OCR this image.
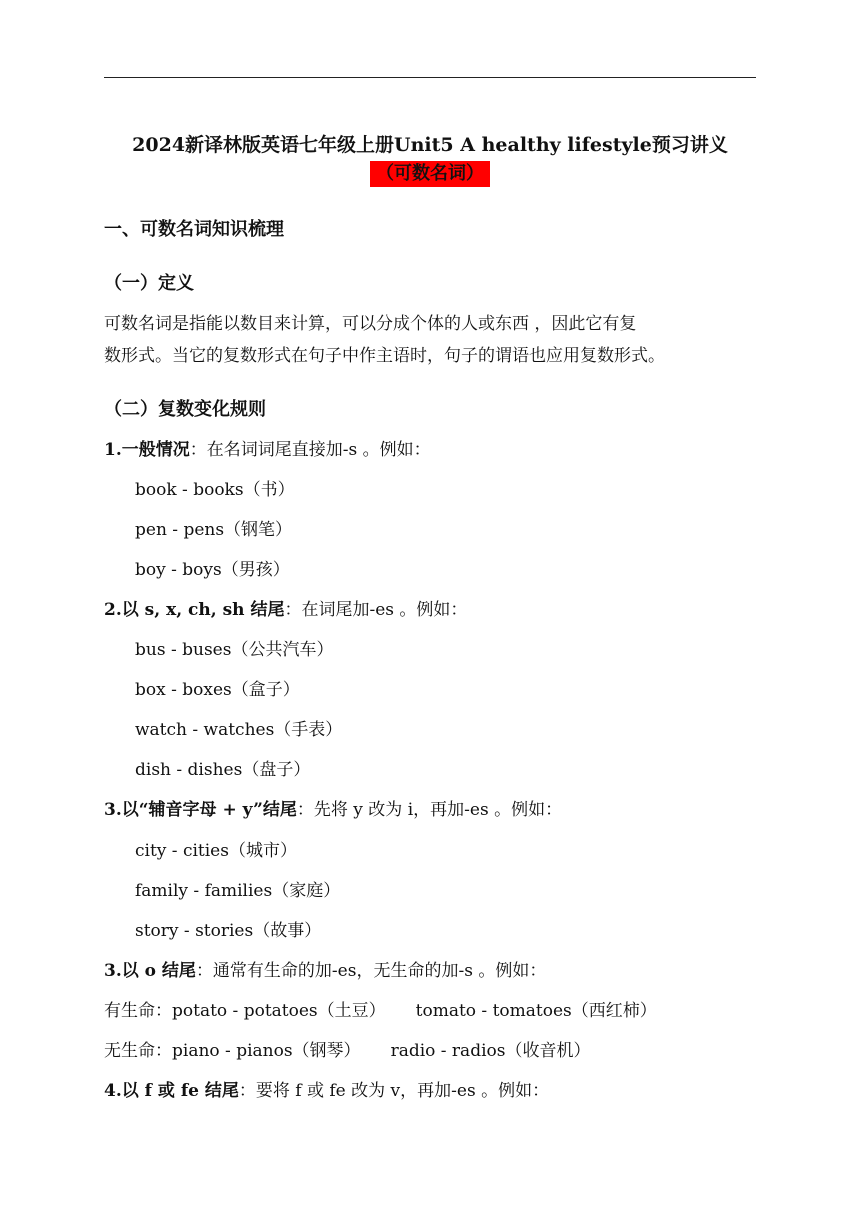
2024新译林版英语七年级上册Unit5 A healthy lifestyle预习讲义
（可数名词）
一、可数名词知识梳理
（一）定义
可数名词是指能以数目来计算，可以分成个体的人或东西 ，因此它有复
数形式。当它的复数形式在句子中作主语时，句子的谓语也应用复数形式。
（二）复数变化规则
1.一般情况：在名词词尾直接加-s 。例如：
book - books（书）
pen - pens（钢笔）
boy - boys（男孩）
2.以 s, x, ch, sh 结尾：在词尾加-es 。例如：
bus - buses（公共汽车）
box - boxes（盒子）
watch - watches（手表）
dish - dishes（盘子）
3.以“辅音字母 + y”结尾：先将 y 改为 i，再加-es 。例如：
city - cities（城市）
family - families（家庭）
story - stories（故事）
3.以 o 结尾：通常有生命的加-es，无生命的加-s 。例如：
有生命：potato - potatoes（土豆） tomato - tomatoes（西红柿）
无生命：piano - pianos（钢琴） radio - radios（收音机）
4.以 f 或 fe 结尾：要将 f 或 fe 改为 v，再加-es 。例如：
